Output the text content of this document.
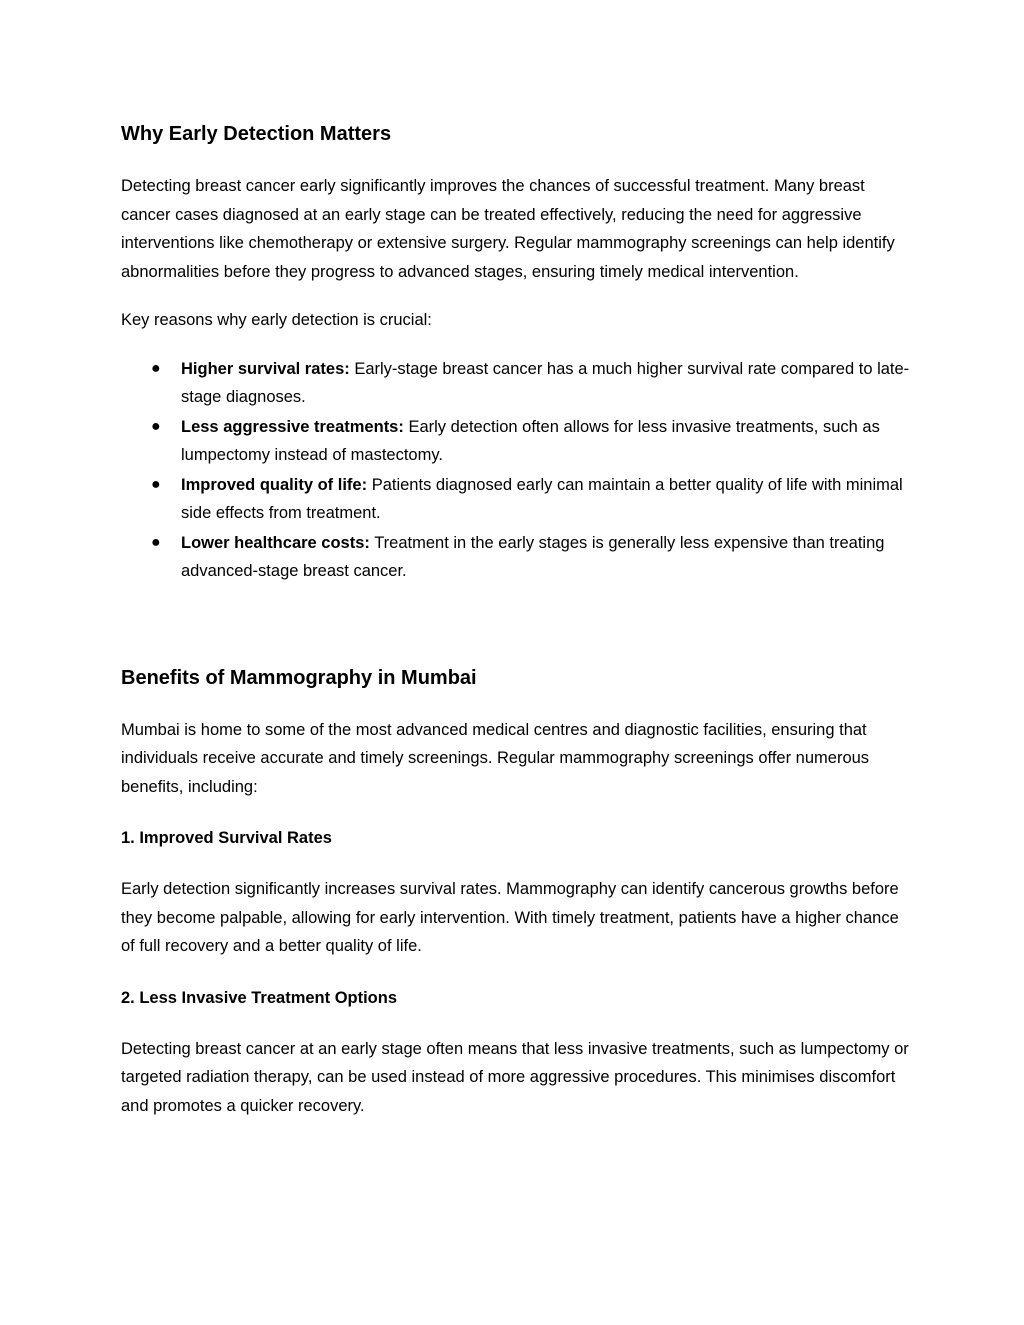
Why Early Detection Matters

Detecting breast cancer early significantly improves the chances of successful treatment. Many breast cancer cases diagnosed at an early stage can be treated effectively, reducing the need for aggressive interventions like chemotherapy or extensive surgery. Regular mammography screenings can help identify abnormalities before they progress to advanced stages, ensuring timely medical intervention.

Key reasons why early detection is crucial:

● Higher survival rates: Early-stage breast cancer has a much higher survival rate compared to late-stage diagnoses.
● Less aggressive treatments: Early detection often allows for less invasive treatments, such as lumpectomy instead of mastectomy.
● Improved quality of life: Patients diagnosed early can maintain a better quality of life with minimal side effects from treatment.
● Lower healthcare costs: Treatment in the early stages is generally less expensive than treating advanced-stage breast cancer.
Benefits of Mammography in Mumbai

Mumbai is home to some of the most advanced medical centres and diagnostic facilities, ensuring that individuals receive accurate and timely screenings. Regular mammography screenings offer numerous benefits, including:

1. Improved Survival Rates

Early detection significantly increases survival rates. Mammography can identify cancerous growths before they become palpable, allowing for early intervention. With timely treatment, patients have a higher chance of full recovery and a better quality of life.

2. Less Invasive Treatment Options

Detecting breast cancer at an early stage often means that less invasive treatments, such as lumpectomy or targeted radiation therapy, can be used instead of more aggressive procedures. This minimises discomfort and promotes a quicker recovery.
